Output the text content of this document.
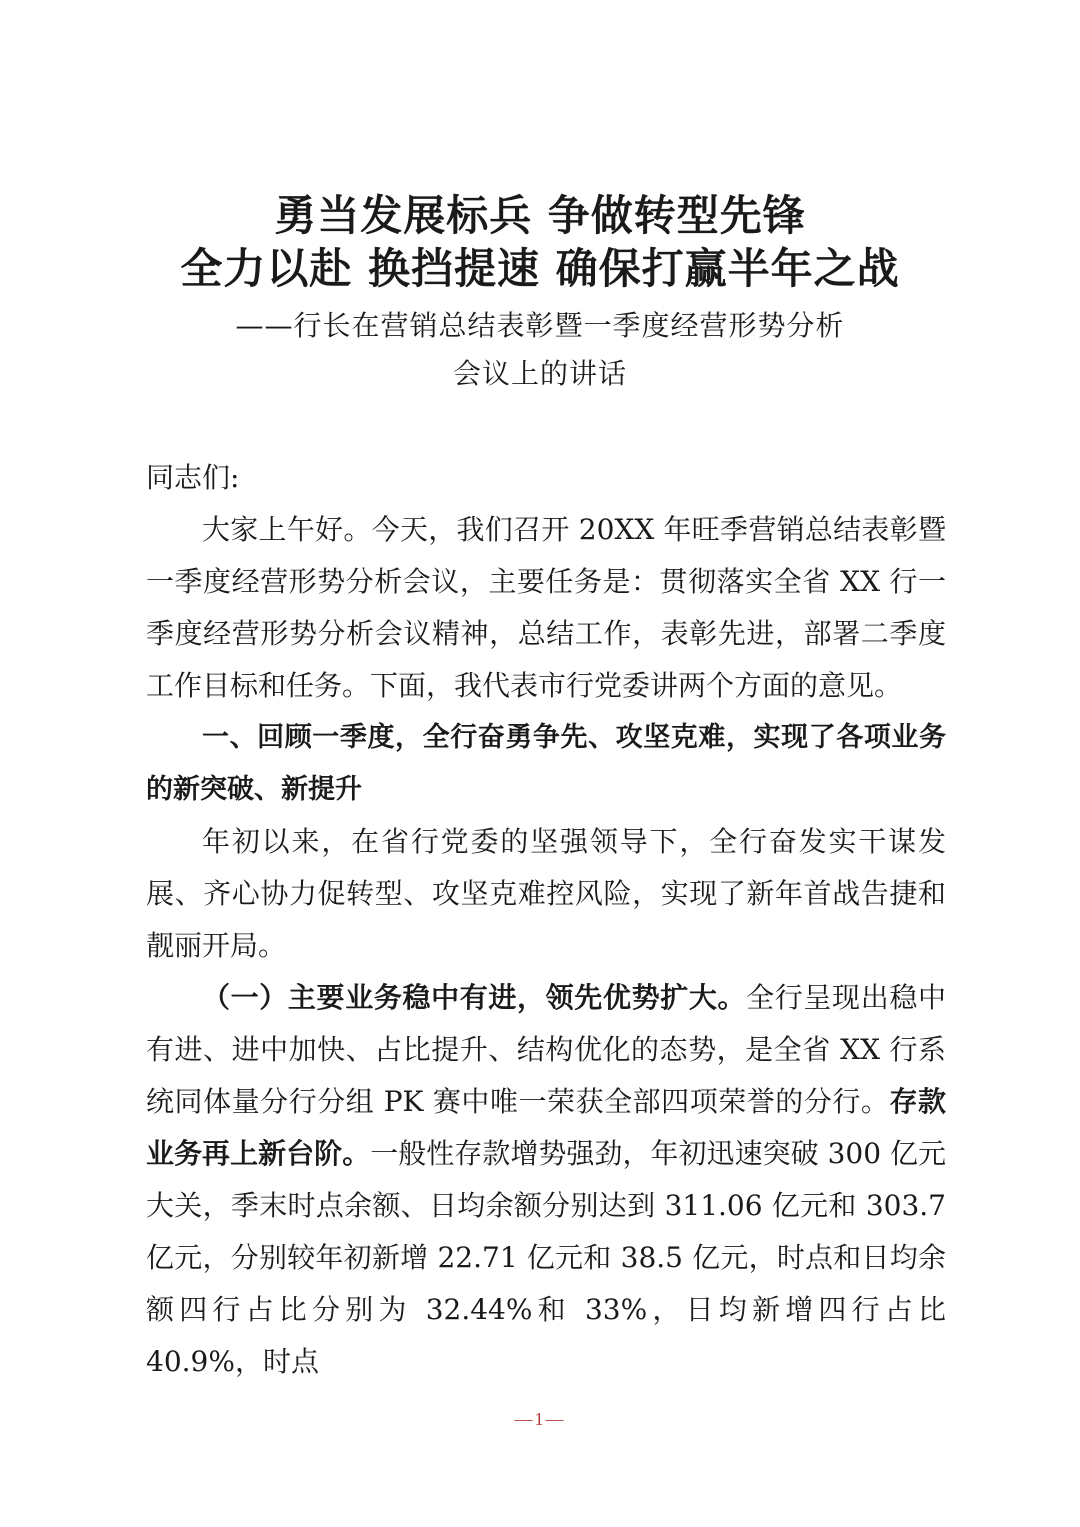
勇当发展标兵 争做转型先锋
全力以赴 换挡提速 确保打赢半年之战

——行长在营销总结表彰暨一季度经营形势分析

会议上的讲话

同志们:

大家上午好。今天，我们召开 20XX 年旺季营销总结表彰暨一季度经营形势分析会议，主要任务是：贯彻落实全省 XX 行一季度经营形势分析会议精神，总结工作，表彰先进，部署二季度工作目标和任务。下面，我代表市行党委讲两个方面的意见。

一、回顾一季度，全行奋勇争先、攻坚克难，实现了各项业务的新突破、新提升

年初以来，在省行党委的坚强领导下，全行奋发实干谋发展、齐心协力促转型、攻坚克难控风险，实现了新年首战告捷和靓丽开局。

（一）主要业务稳中有进，领先优势扩大。全行呈现出稳中有进、进中加快、占比提升、结构优化的态势，是全省 XX 行系统同体量分行分组 PK 赛中唯一荣获全部四项荣誉的分行。存款业务再上新台阶。一般性存款增势强劲，年初迅速突破 300 亿元大关，季末时点余额、日均余额分别达到 311.06 亿元和 303.7 亿元，分别较年初新增 22.71 亿元和 38.5 亿元，时点和日均余额四行占比分别为 32.44%和 33%，日均新增四行占比 40.9%，时点

—1—
